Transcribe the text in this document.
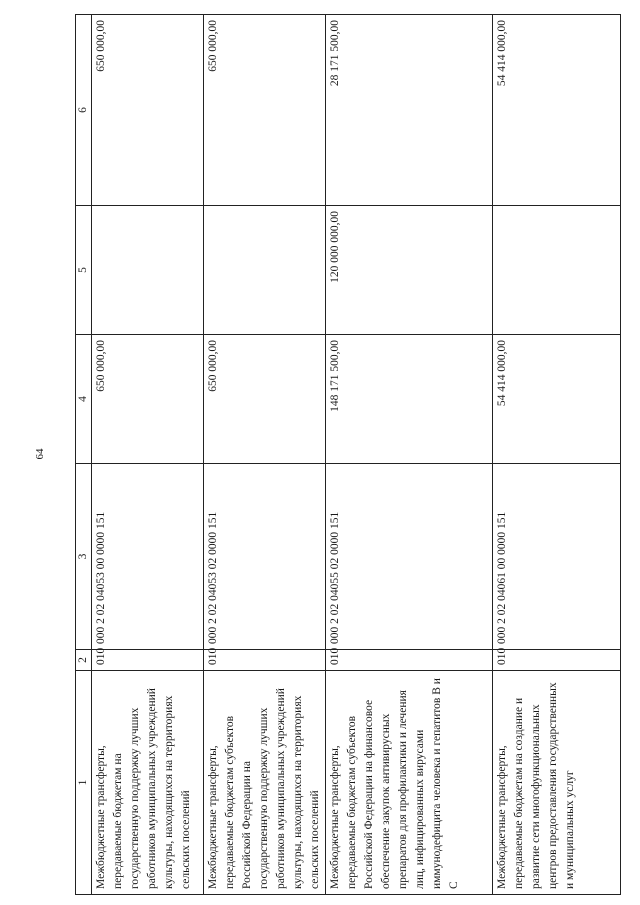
64
1	2	3	4	5	6
Межбюджетные трансферты, передаваемые бюджетам на государственную поддержку лучших работников муниципальных учреждений культуры, находящихся на территориях сельских поселений	010	000 2 02 04053 00 0000 151	650 000,00		650 000,00
Межбюджетные трансферты, передаваемые бюджетам субъектов Российской Федерации на государственную поддержку лучших работников муниципальных учреждений культуры, находящихся на территориях сельских поселений	010	000 2 02 04053 02 0000 151	650 000,00		650 000,00
Межбюджетные трансферты, передаваемые бюджетам субъектов Российской Федерации на финансовое обеспечение закупок антивирусных препаратов для профилактики и лечения лиц, инфицированных вирусами иммунодефицита человека и гепатитов B и C	010	000 2 02 04055 02 0000 151	148 171 500,00	120 000 000,00	28 171 500,00
Межбюджетные трансферты, передаваемые бюджетам на создание и развитие сети многофункциональных центров предоставления государственных и муниципальных услуг	010	000 2 02 04061 00 0000 151	54 414 000,00		54 414 000,00
